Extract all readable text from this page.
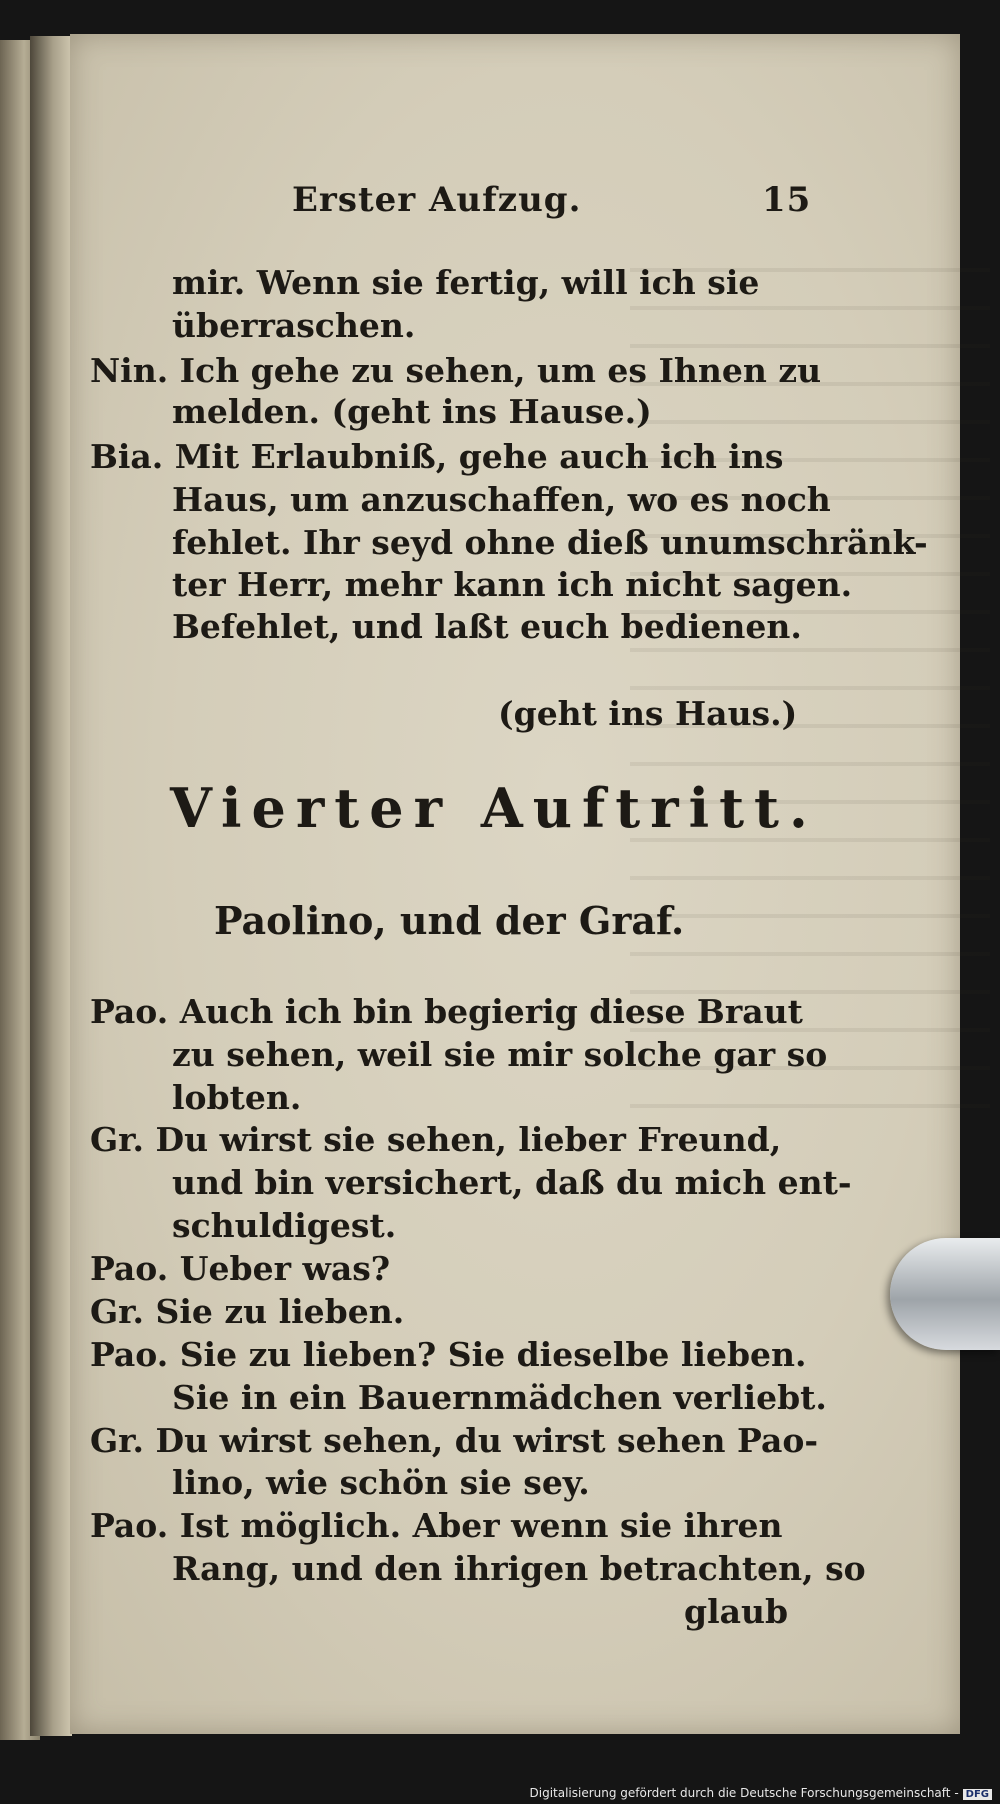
Erster Aufzug.	15
mir. Wenn sie fertig, will ich sie
überraschen.
Nin. Ich gehe zu sehen, um es Ihnen zu
melden. (geht ins Hause.)
Bia. Mit Erlaubniß, gehe auch ich ins
Haus, um anzuschaffen, wo es noch
fehlet. Ihr seyd ohne dieß unumschränk-
ter Herr, mehr kann ich nicht sagen.
Befehlet, und laßt euch bedienen.
(geht ins Haus.)
Vierter Auftritt.
Paolino, und der Graf.
Pao. Auch ich bin begierig diese Braut
zu sehen, weil sie mir solche gar so
lobten.
Gr. Du wirst sie sehen, lieber Freund,
und bin versichert, daß du mich ent-
schuldigest.
Pao. Ueber was?
Gr. Sie zu lieben.
Pao. Sie zu lieben? Sie dieselbe lieben.
Sie in ein Bauernmädchen verliebt.
Gr. Du wirst sehen, du wirst sehen Pao-
lino, wie schön sie sey.
Pao. Ist möglich. Aber wenn sie ihren
Rang, und den ihrigen betrachten, so
glaub
Digitalisierung gefördert durch die Deutsche Forschungsgemeinschaft - DFG
